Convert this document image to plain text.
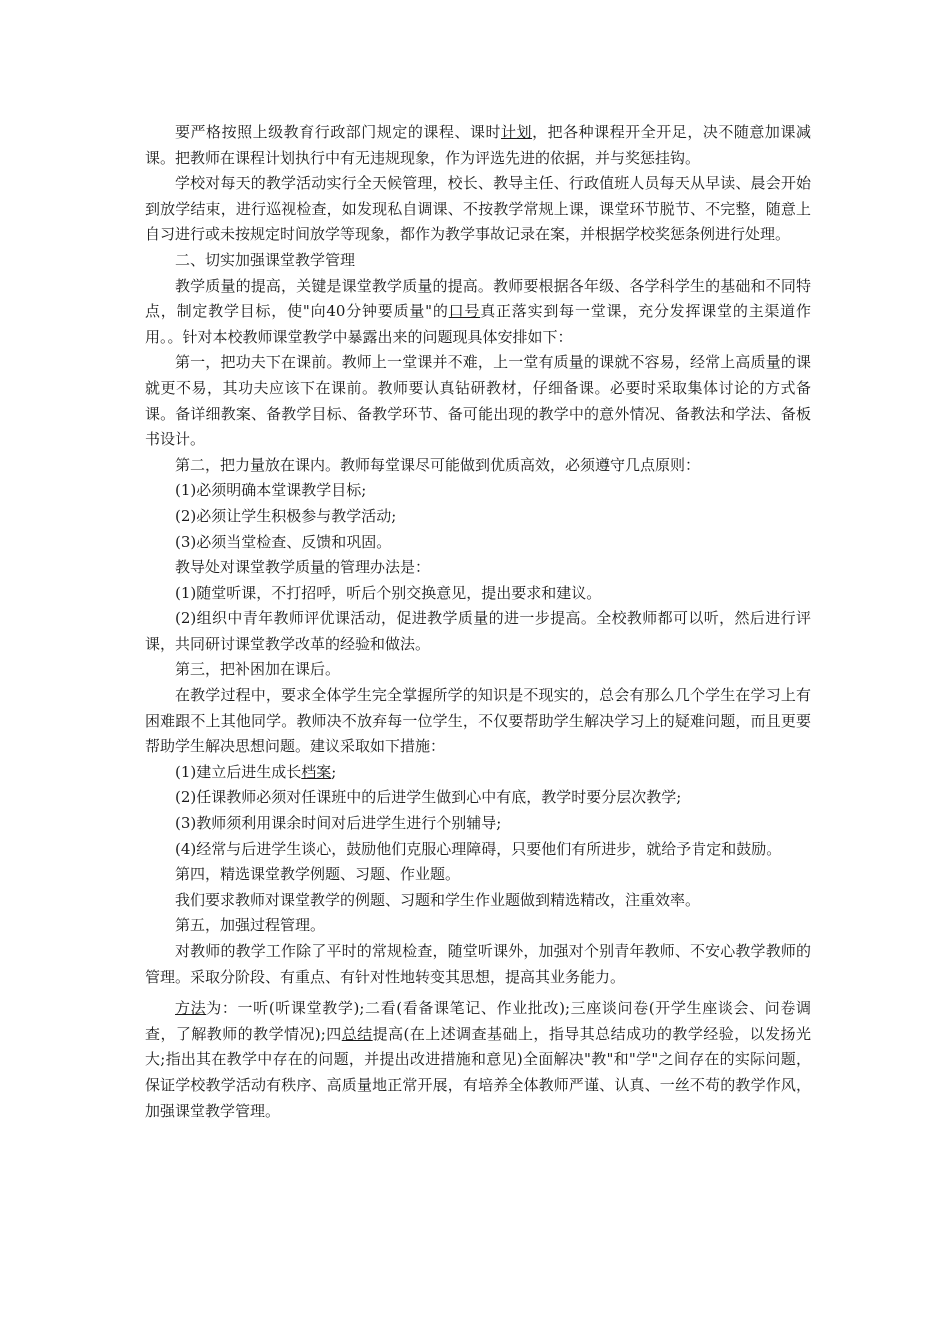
要严格按照上级教育行政部门规定的课程、课时计划，把各种课程开全开足，决不随意加课减课。把教师在课程计划执行中有无违规现象，作为评选先进的依据，并与奖惩挂钩。

学校对每天的教学活动实行全天候管理，校长、教导主任、行政值班人员每天从早读、晨会开始到放学结束，进行巡视检查，如发现私自调课、不按教学常规上课，课堂环节脱节、不完整，随意上自习进行或未按规定时间放学等现象，都作为教学事故记录在案，并根据学校奖惩条例进行处理。

二、切实加强课堂教学管理

教学质量的提高，关键是课堂教学质量的提高。教师要根据各年级、各学科学生的基础和不同特点，制定教学目标，使"向40分钟要质量"的口号真正落实到每一堂课，充分发挥课堂的主渠道作用。。针对本校教师课堂教学中暴露出来的问题现具体安排如下：

第一，把功夫下在课前。教师上一堂课并不难，上一堂有质量的课就不容易，经常上高质量的课就更不易，其功夫应该下在课前。教师要认真钻研教材，仔细备课。必要时采取集体讨论的方式备课。备详细教案、备教学目标、备教学环节、备可能出现的教学中的意外情况、备教法和学法、备板书设计。

第二，把力量放在课内。教师每堂课尽可能做到优质高效，必须遵守几点原则：

(1)必须明确本堂课教学目标;

(2)必须让学生积极参与教学活动;

(3)必须当堂检查、反馈和巩固。

教导处对课堂教学质量的管理办法是：

(1)随堂听课，不打招呼，听后个别交换意见，提出要求和建议。

(2)组织中青年教师评优课活动，促进教学质量的进一步提高。全校教师都可以听，然后进行评课，共同研讨课堂教学改革的经验和做法。

第三，把补困加在课后。

在教学过程中，要求全体学生完全掌握所学的知识是不现实的，总会有那么几个学生在学习上有困难跟不上其他同学。教师决不放弃每一位学生，不仅要帮助学生解决学习上的疑难问题，而且更要帮助学生解决思想问题。建议采取如下措施：

(1)建立后进生成长档案;

(2)任课教师必须对任课班中的后进学生做到心中有底，教学时要分层次教学;

(3)教师须利用课余时间对后进学生进行个别辅导;

(4)经常与后进学生谈心，鼓励他们克服心理障碍，只要他们有所进步，就给予肯定和鼓励。

第四，精选课堂教学例题、习题、作业题。

我们要求教师对课堂教学的例题、习题和学生作业题做到精选精改，注重效率。

第五，加强过程管理。

对教师的教学工作除了平时的常规检查，随堂听课外，加强对个别青年教师、不安心教学教师的管理。采取分阶段、有重点、有针对性地转变其思想，提高其业务能力。

方法为：一听(听课堂教学);二看(看备课笔记、作业批改);三座谈问卷(开学生座谈会、问卷调查，了解教师的教学情况);四总结提高(在上述调查基础上，指导其总结成功的教学经验，以发扬光大;指出其在教学中存在的问题，并提出改进措施和意见)全面解决"教"和"学"之间存在的实际问题，保证学校教学活动有秩序、高质量地正常开展，有培养全体教师严谨、认真、一丝不苟的教学作风，加强课堂教学管理。
